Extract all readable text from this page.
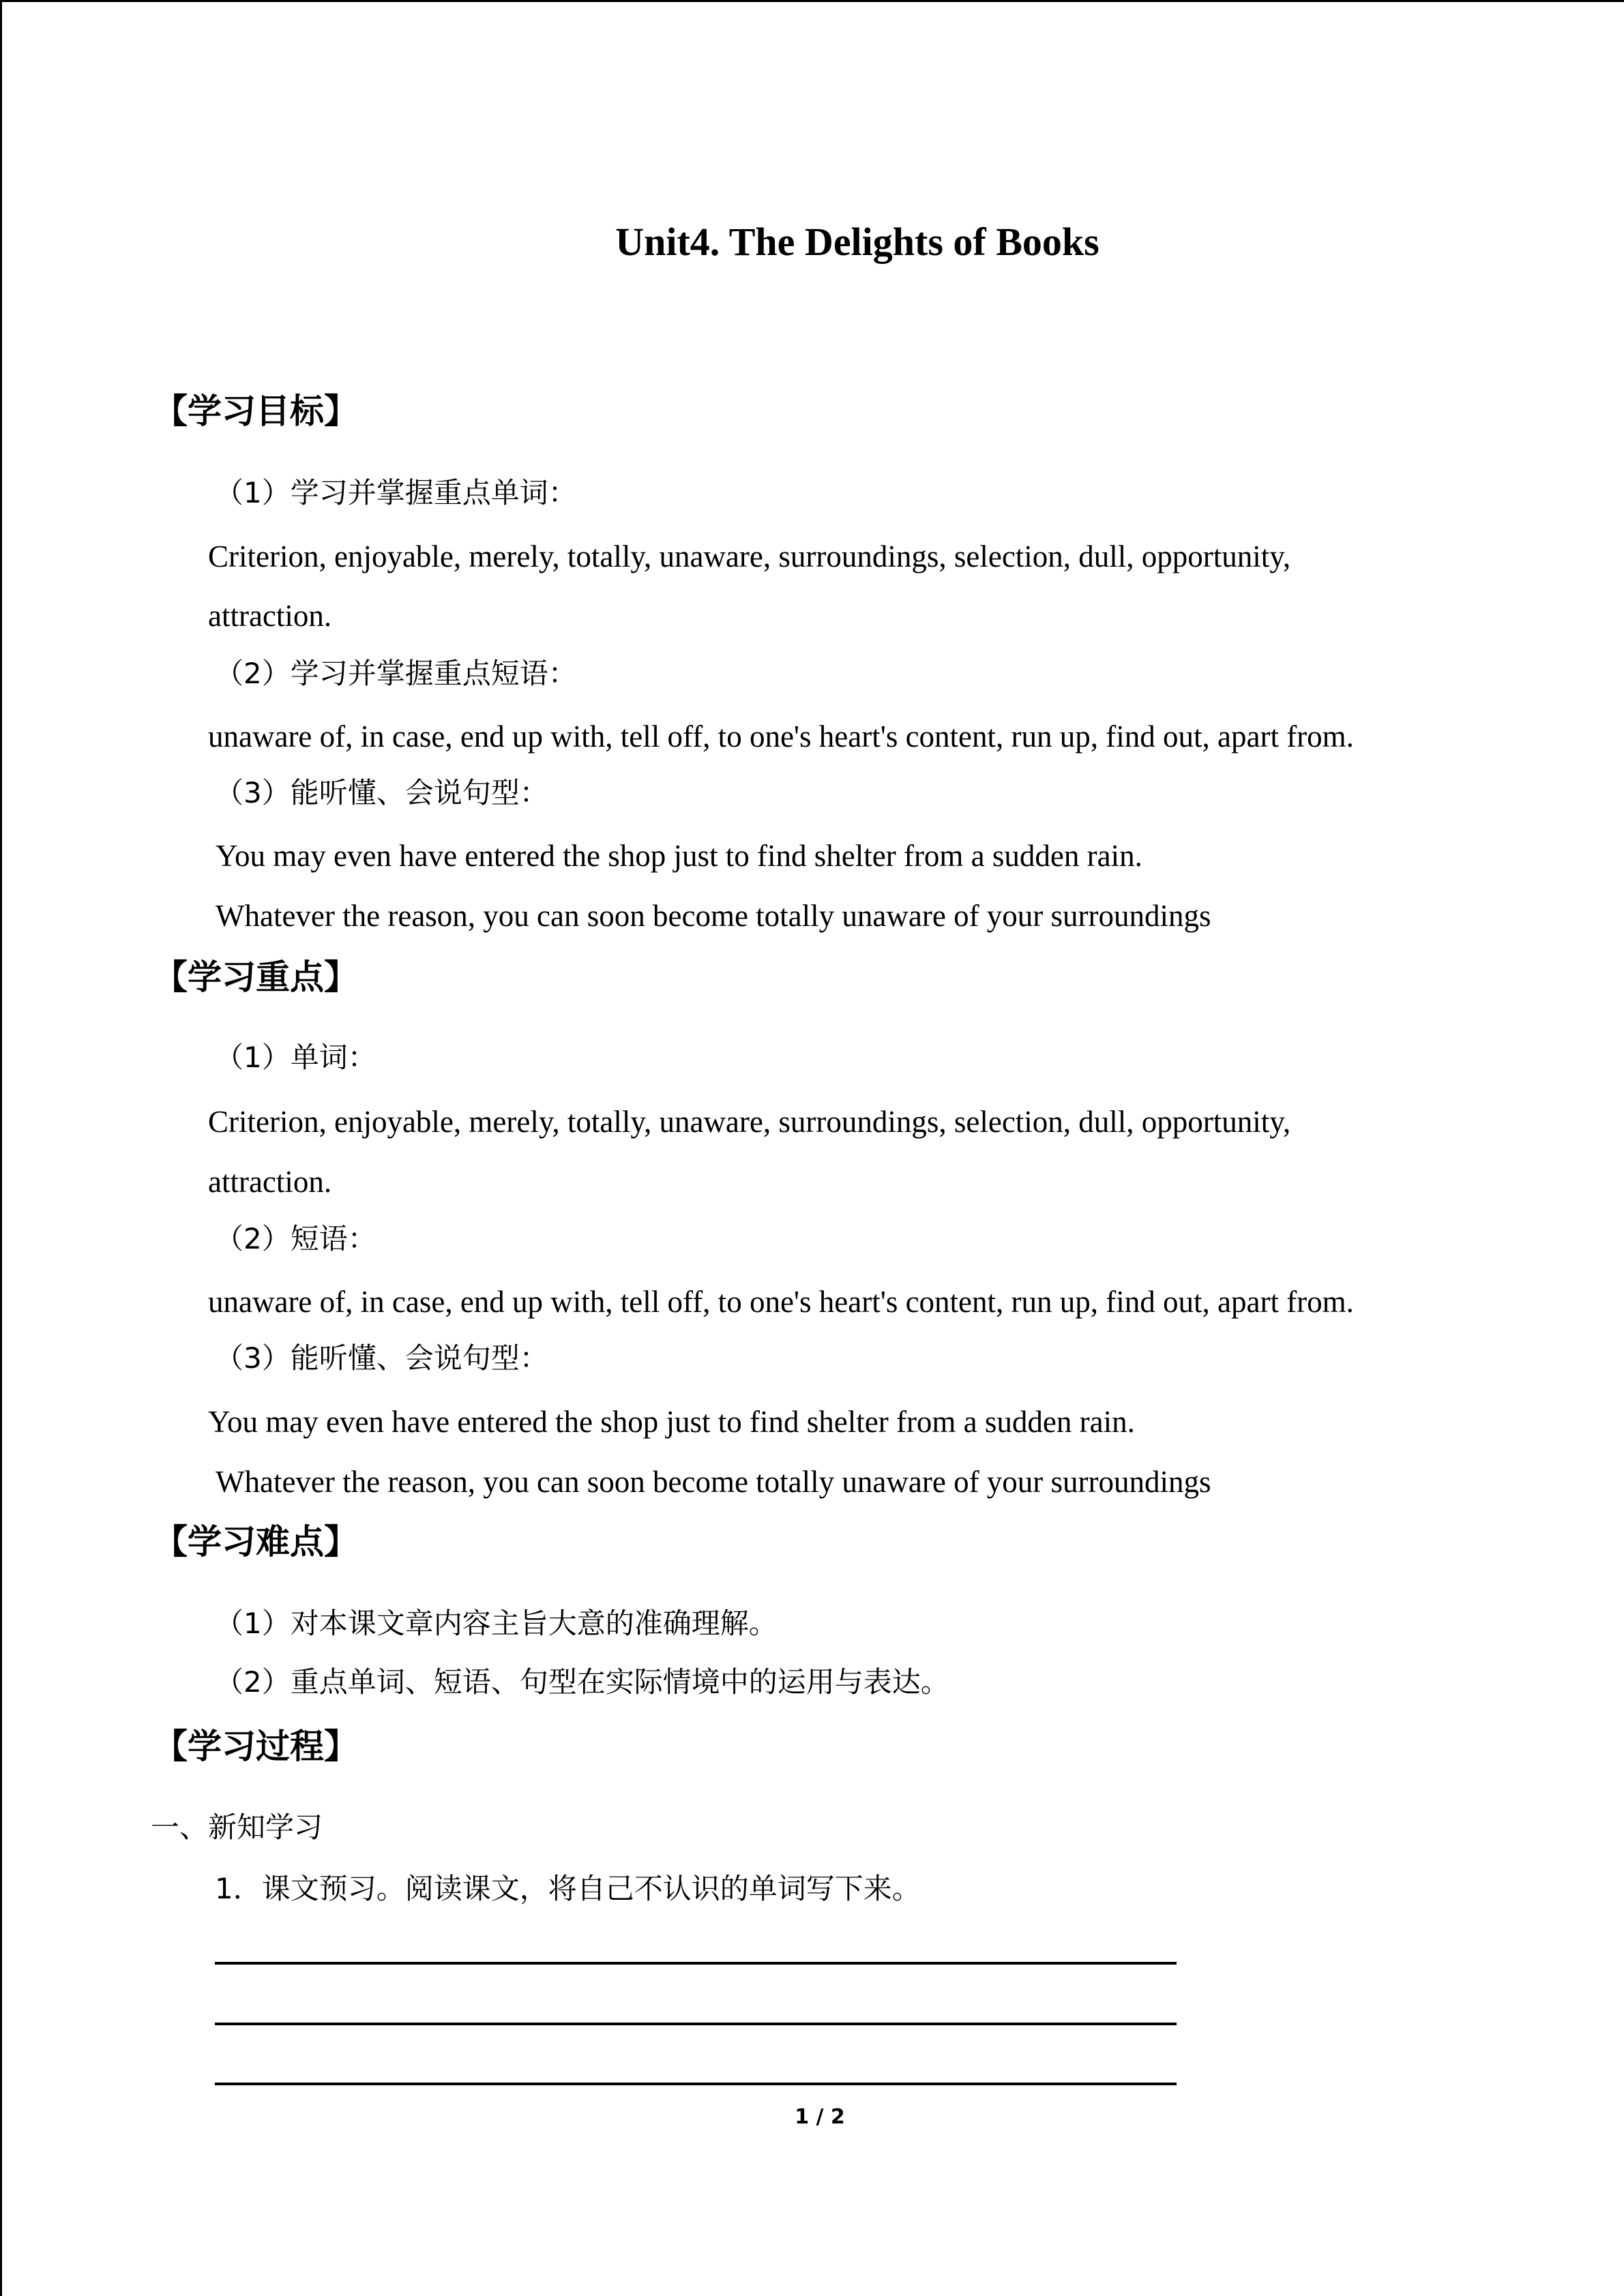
Unit4. The Delights of Books
【学习目标】
（1）学习并掌握重点单词：
Criterion, enjoyable, merely, totally, unaware, surroundings, selection, dull, opportunity,
attraction.
（2）学习并掌握重点短语：
unaware of, in case, end up with, tell off, to one's heart's content, run up, find out, apart from.
（3）能听懂、会说句型：
You may even have entered the shop just to find shelter from a sudden rain.
Whatever the reason, you can soon become totally unaware of your surroundings
【学习重点】
（1）单词：
Criterion, enjoyable, merely, totally, unaware, surroundings, selection, dull, opportunity,
attraction.
（2）短语：
unaware of, in case, end up with, tell off, to one's heart's content, run up, find out, apart from.
（3）能听懂、会说句型：
You may even have entered the shop just to find shelter from a sudden rain.
Whatever the reason, you can soon become totally unaware of your surroundings
【学习难点】
（1）对本课文章内容主旨大意的准确理解。
（2）重点单词、短语、句型在实际情境中的运用与表达。
【学习过程】
一、新知学习
1．课文预习。阅读课文，将自己不认识的单词写下来。
1 / 2
